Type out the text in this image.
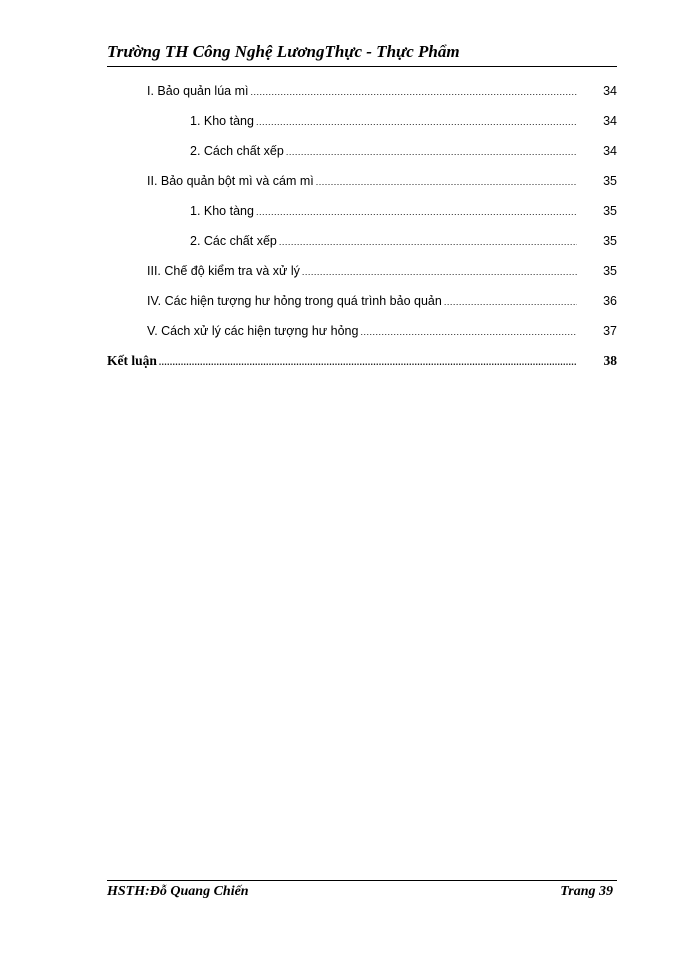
Trường TH Công Nghệ LươngThực - Thực Phẩm
I. Bảo quản lúa mì .....	34
1. Kho tàng .....	34
2. Cách chất xếp .....	34
II. Bảo quản bột mì và cám mì .....	35
1. Kho tàng .....	35
2. Các chất xếp .....	35
III. Chế độ kiểm tra và xử lý .....	35
IV. Các hiện tượng hư hỏng trong quá trình bảo quản .....	36
V. Cách xử lý các hiện tượng hư hỏng .....	37
Kết luận .....	38
HSTH:Đỗ Quang Chiến	Trang 39
